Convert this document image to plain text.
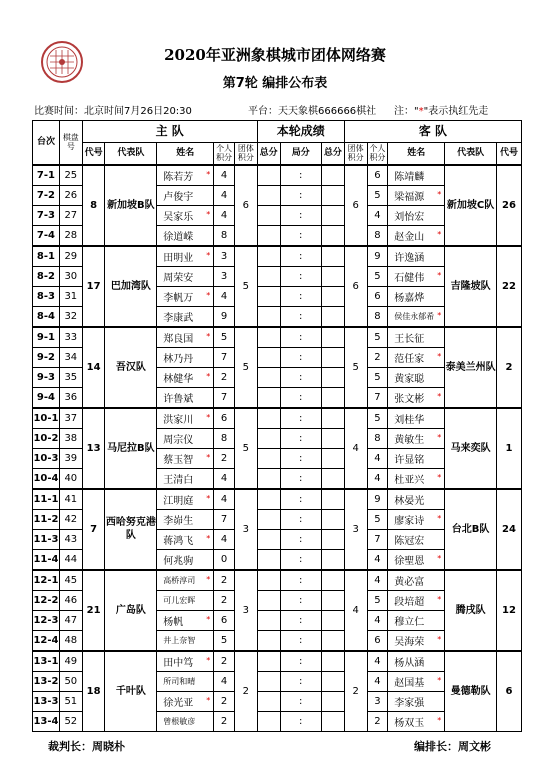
2020年亚洲象棋城市团体网络赛
第7轮 编排公布表
比赛时间：北京时间7月26日20:30	平台：天天象棋666666棋社 注："*"表示执红先走
台次	棋盘号	主 队					本轮成绩			客 队				
		代号	代表队	姓名	个人积分	团体积分	总分	局分	总分	团体积分	个人积分	姓名	代表队	代号
7-1	25	8	新加坡B队	陈若芳 *	4	6		:		6	6	陈靖麟	新加坡C队	26
7-2	26			卢俊宇	4			:			5	梁福源 *		

7-3	27			吴家乐 *	4			:			4	刘怡宏		
7-4	28			徐道嵘	8			:			8	赵金山 *		

8-1	29	17	巴加湾队	田明业 *	3	5		:		6	9	许逸涵	吉隆坡队	22
8-2	30			周荣安	3			:			5	石健伟 *		

8-3	31			李帆万 *	4			:			6	杨嘉烨		
8-4	32			李康武	9			:			8	侯佳永郁希 *		

9-1	33	14	吾汉队	郑良国 *	5	5		:		5	5	王长征	泰美兰州队	2
9-2	34			林乃丹	7			:			2	范任家 *		

9-3	35			林健华 *	2			:			5	黄家聪		
9-4	36			许鲁斌	7			:			7	张文彬 *		

10-1	37	13	马尼拉B队	洪家川 *	6	5		:		4	5	刘桂华	马来奕队	1
10-2	38			周宗仪	8			:			8	黄敏生 *		

10-3	39			蔡玉智 *	2			:			4	许显铭		
10-4	40			王清白	4			:			4	杜亚兴 *		

11-1	41	7	西哈努克港队	江明庭 *	4	3		:		3	9	林晏光	台北B队	24
11-2	42			李峁生	7			:			5	廖家诗 *		

11-3	43			蒋鸿飞 *	4			:			7	陈冠宏		
11-4	44			何兆驹	0			:			4	徐聖恩 *		

12-1	45	21	广岛队	高桥淳司 *	2	3		:		4	4	黄必富	腾戌队	12
12-2	46			可儿宏晖	2			:			5	段培超 *		

12-3	47			杨帆 *	6			:			4	穆立仁		
12-4	48			井上奈智	5			:			6	吴海荣 *		

13-1	49	18	千叶队	田中笃 *	2	2		:		2	4	杨从涵	曼德勒队	6
13-2	50			所司和晴	4			:			4	赵国基 *		

13-3	51			徐光亚 *	2			:			3	李家强		
13-4	52			曾根敏彦	2			:			2	杨双玉 *		
裁判长：周晓朴	编排长：周文彬
